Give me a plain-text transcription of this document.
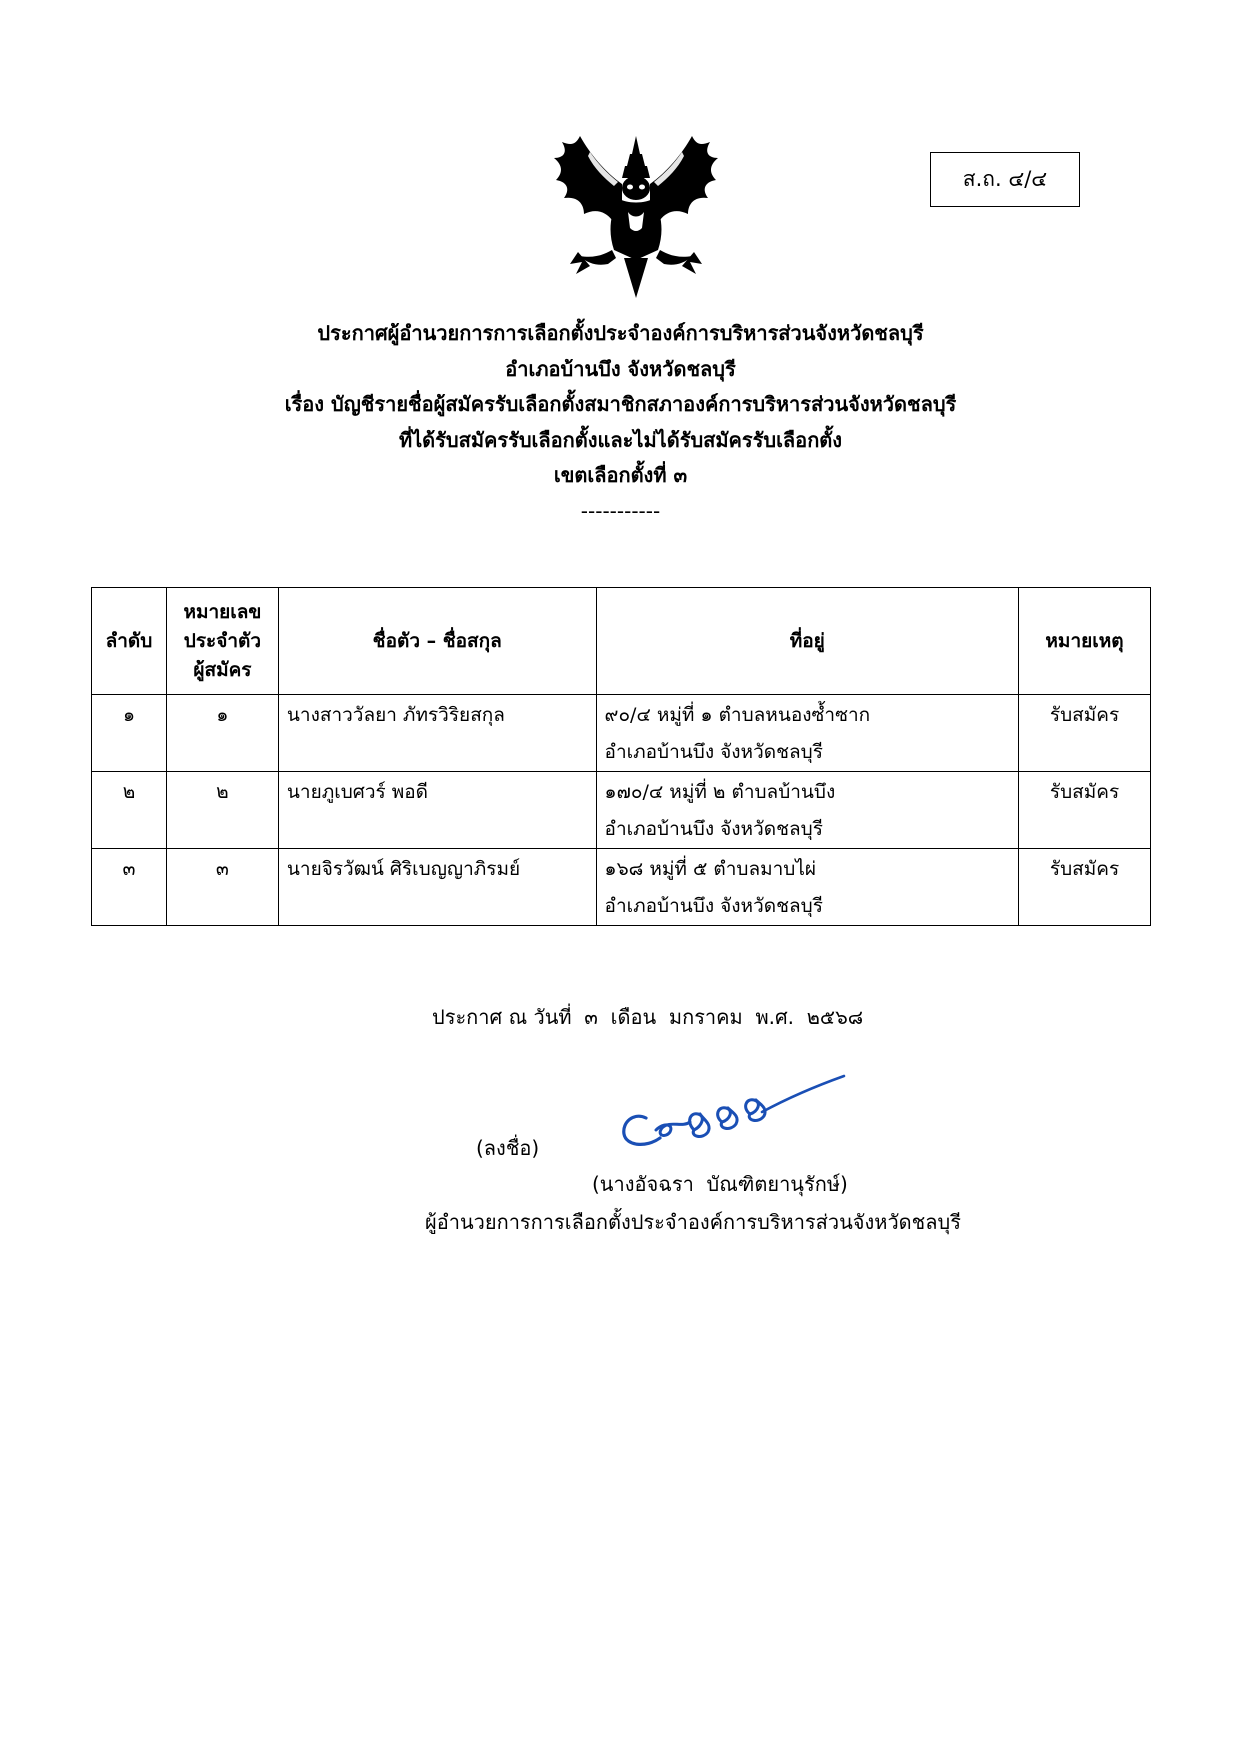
ส.ถ. ๔/๔
ประกาศผู้อำนวยการการเลือกตั้งประจำองค์การบริหารส่วนจังหวัดชลบุรี
อำเภอบ้านบึง จังหวัดชลบุรี
เรื่อง บัญชีรายชื่อผู้สมัครรับเลือกตั้งสมาชิกสภาองค์การบริหารส่วนจังหวัดชลบุรี
ที่ได้รับสมัครรับเลือกตั้งและไม่ได้รับสมัครรับเลือกตั้ง
เขตเลือกตั้งที่ ๓
-----------
ลำดับ	หมายเลข
ประจำตัว
ผู้สมัคร	ชื่อตัว – ชื่อสกุล	ที่อยู่	หมายเหตุ
๑	๑	นางสาววัลยา ภัทรวิริยสกุล	๙๐/๔ หมู่ที่ ๑ ตำบลหนองซ้ำซาก
อำเภอบ้านบึง จังหวัดชลบุรี	รับสมัคร
๒	๒	นายภูเบศวร์ พอดี	๑๗๐/๔ หมู่ที่ ๒ ตำบลบ้านบึง
อำเภอบ้านบึง จังหวัดชลบุรี	รับสมัคร
๓	๓	นายจิรวัฒน์ ศิริเบญญาภิรมย์	๑๖๘ หมู่ที่ ๕ ตำบลมาบไผ่
อำเภอบ้านบึง จังหวัดชลบุรี	รับสมัคร
ประกาศ ณ วันที่  ๓  เดือน  มกราคม  พ.ศ.  ๒๕๖๘
(ลงชื่อ)
(นางอัจฉรา  บัณฑิตยานุรักษ์)
ผู้อำนวยการการเลือกตั้งประจำองค์การบริหารส่วนจังหวัดชลบุรี
